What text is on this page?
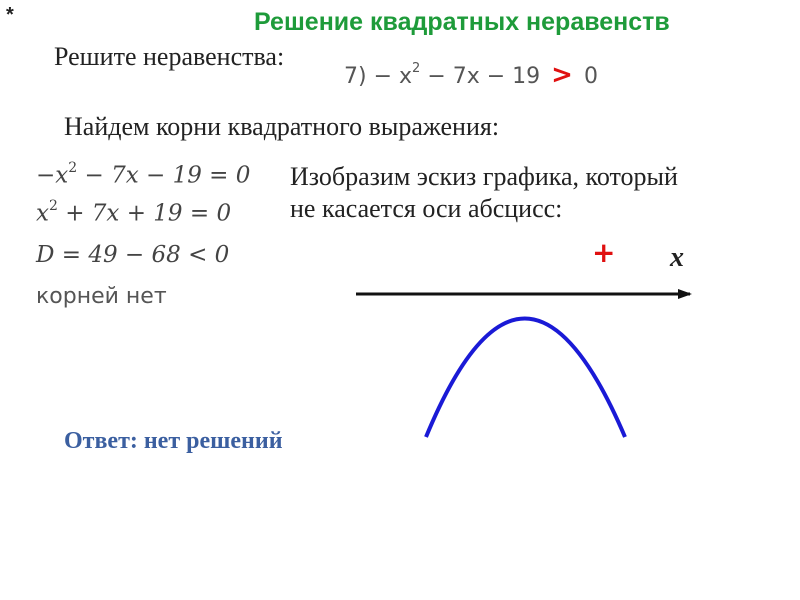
*	Решение квадратных неравенств
Решите неравенства:
$7) - x^2 - 7x - 19 > 0$
Найдем корни квадратного выражения:
$-x^2 - 7x - 19 = 0$
$x^2 + 7x + 19 = 0$
D = 49 − 68 < 0
корней нет
Изобразим эскиз графика, который
не касается оси абсцисс:
+ x
Ответ: нет решений
